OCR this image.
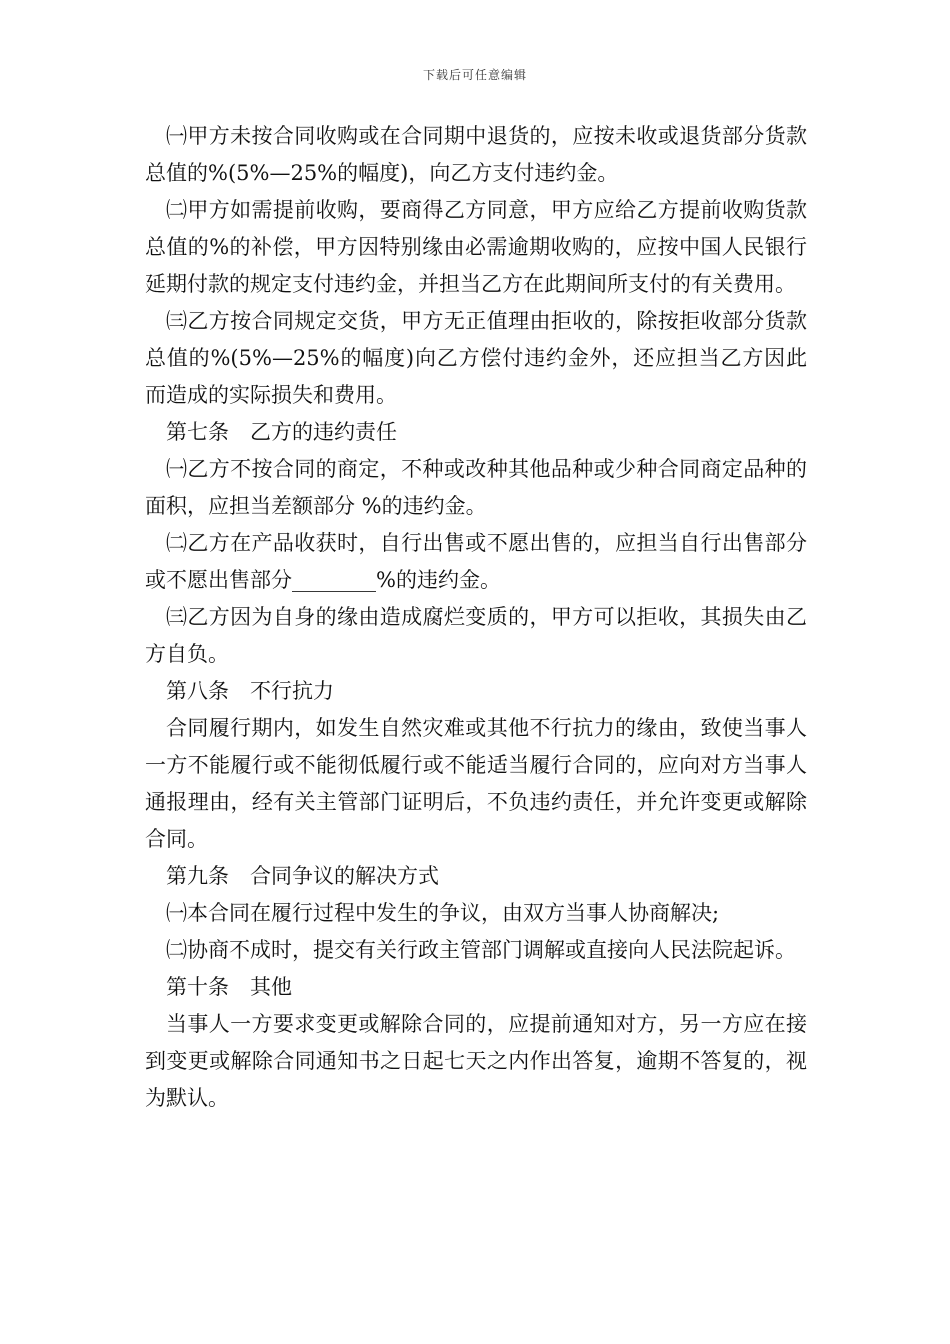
下载后可任意编辑

㈠甲方未按合同收购或在合同期中退货的，应按未收或退货部分货款总值的%(5%—25%的幅度)，向乙方支付违约金。

㈡甲方如需提前收购，要商得乙方同意，甲方应给乙方提前收购货款总值的%的补偿，甲方因特别缘由必需逾期收购的，应按中国人民银行延期付款的规定支付违约金，并担当乙方在此期间所支付的有关费用。

㈢乙方按合同规定交货，甲方无正值理由拒收的，除按拒收部分货款总值的%(5%—25%的幅度)向乙方偿付违约金外，还应担当乙方因此而造成的实际损失和费用。

第七条　乙方的违约责任

㈠乙方不按合同的商定，不种或改种其他品种或少种合同商定品种的面积，应担当差额部分 %的违约金。

㈡乙方在产品收获时，自行出售或不愿出售的，应担当自行出售部分或不愿出售部分________%的违约金。

㈢乙方因为自身的缘由造成腐烂变质的，甲方可以拒收，其损失由乙方自负。

第八条　不行抗力

合同履行期内，如发生自然灾难或其他不行抗力的缘由，致使当事人一方不能履行或不能彻低履行或不能适当履行合同的，应向对方当事人通报理由，经有关主管部门证明后，不负违约责任，并允许变更或解除合同。

第九条　合同争议的解决方式

㈠本合同在履行过程中发生的争议，由双方当事人协商解决;

㈡协商不成时，提交有关行政主管部门调解或直接向人民法院起诉。

第十条　其他

当事人一方要求变更或解除合同的，应提前通知对方，另一方应在接到变更或解除合同通知书之日起七天之内作出答复，逾期不答复的，视为默认。
